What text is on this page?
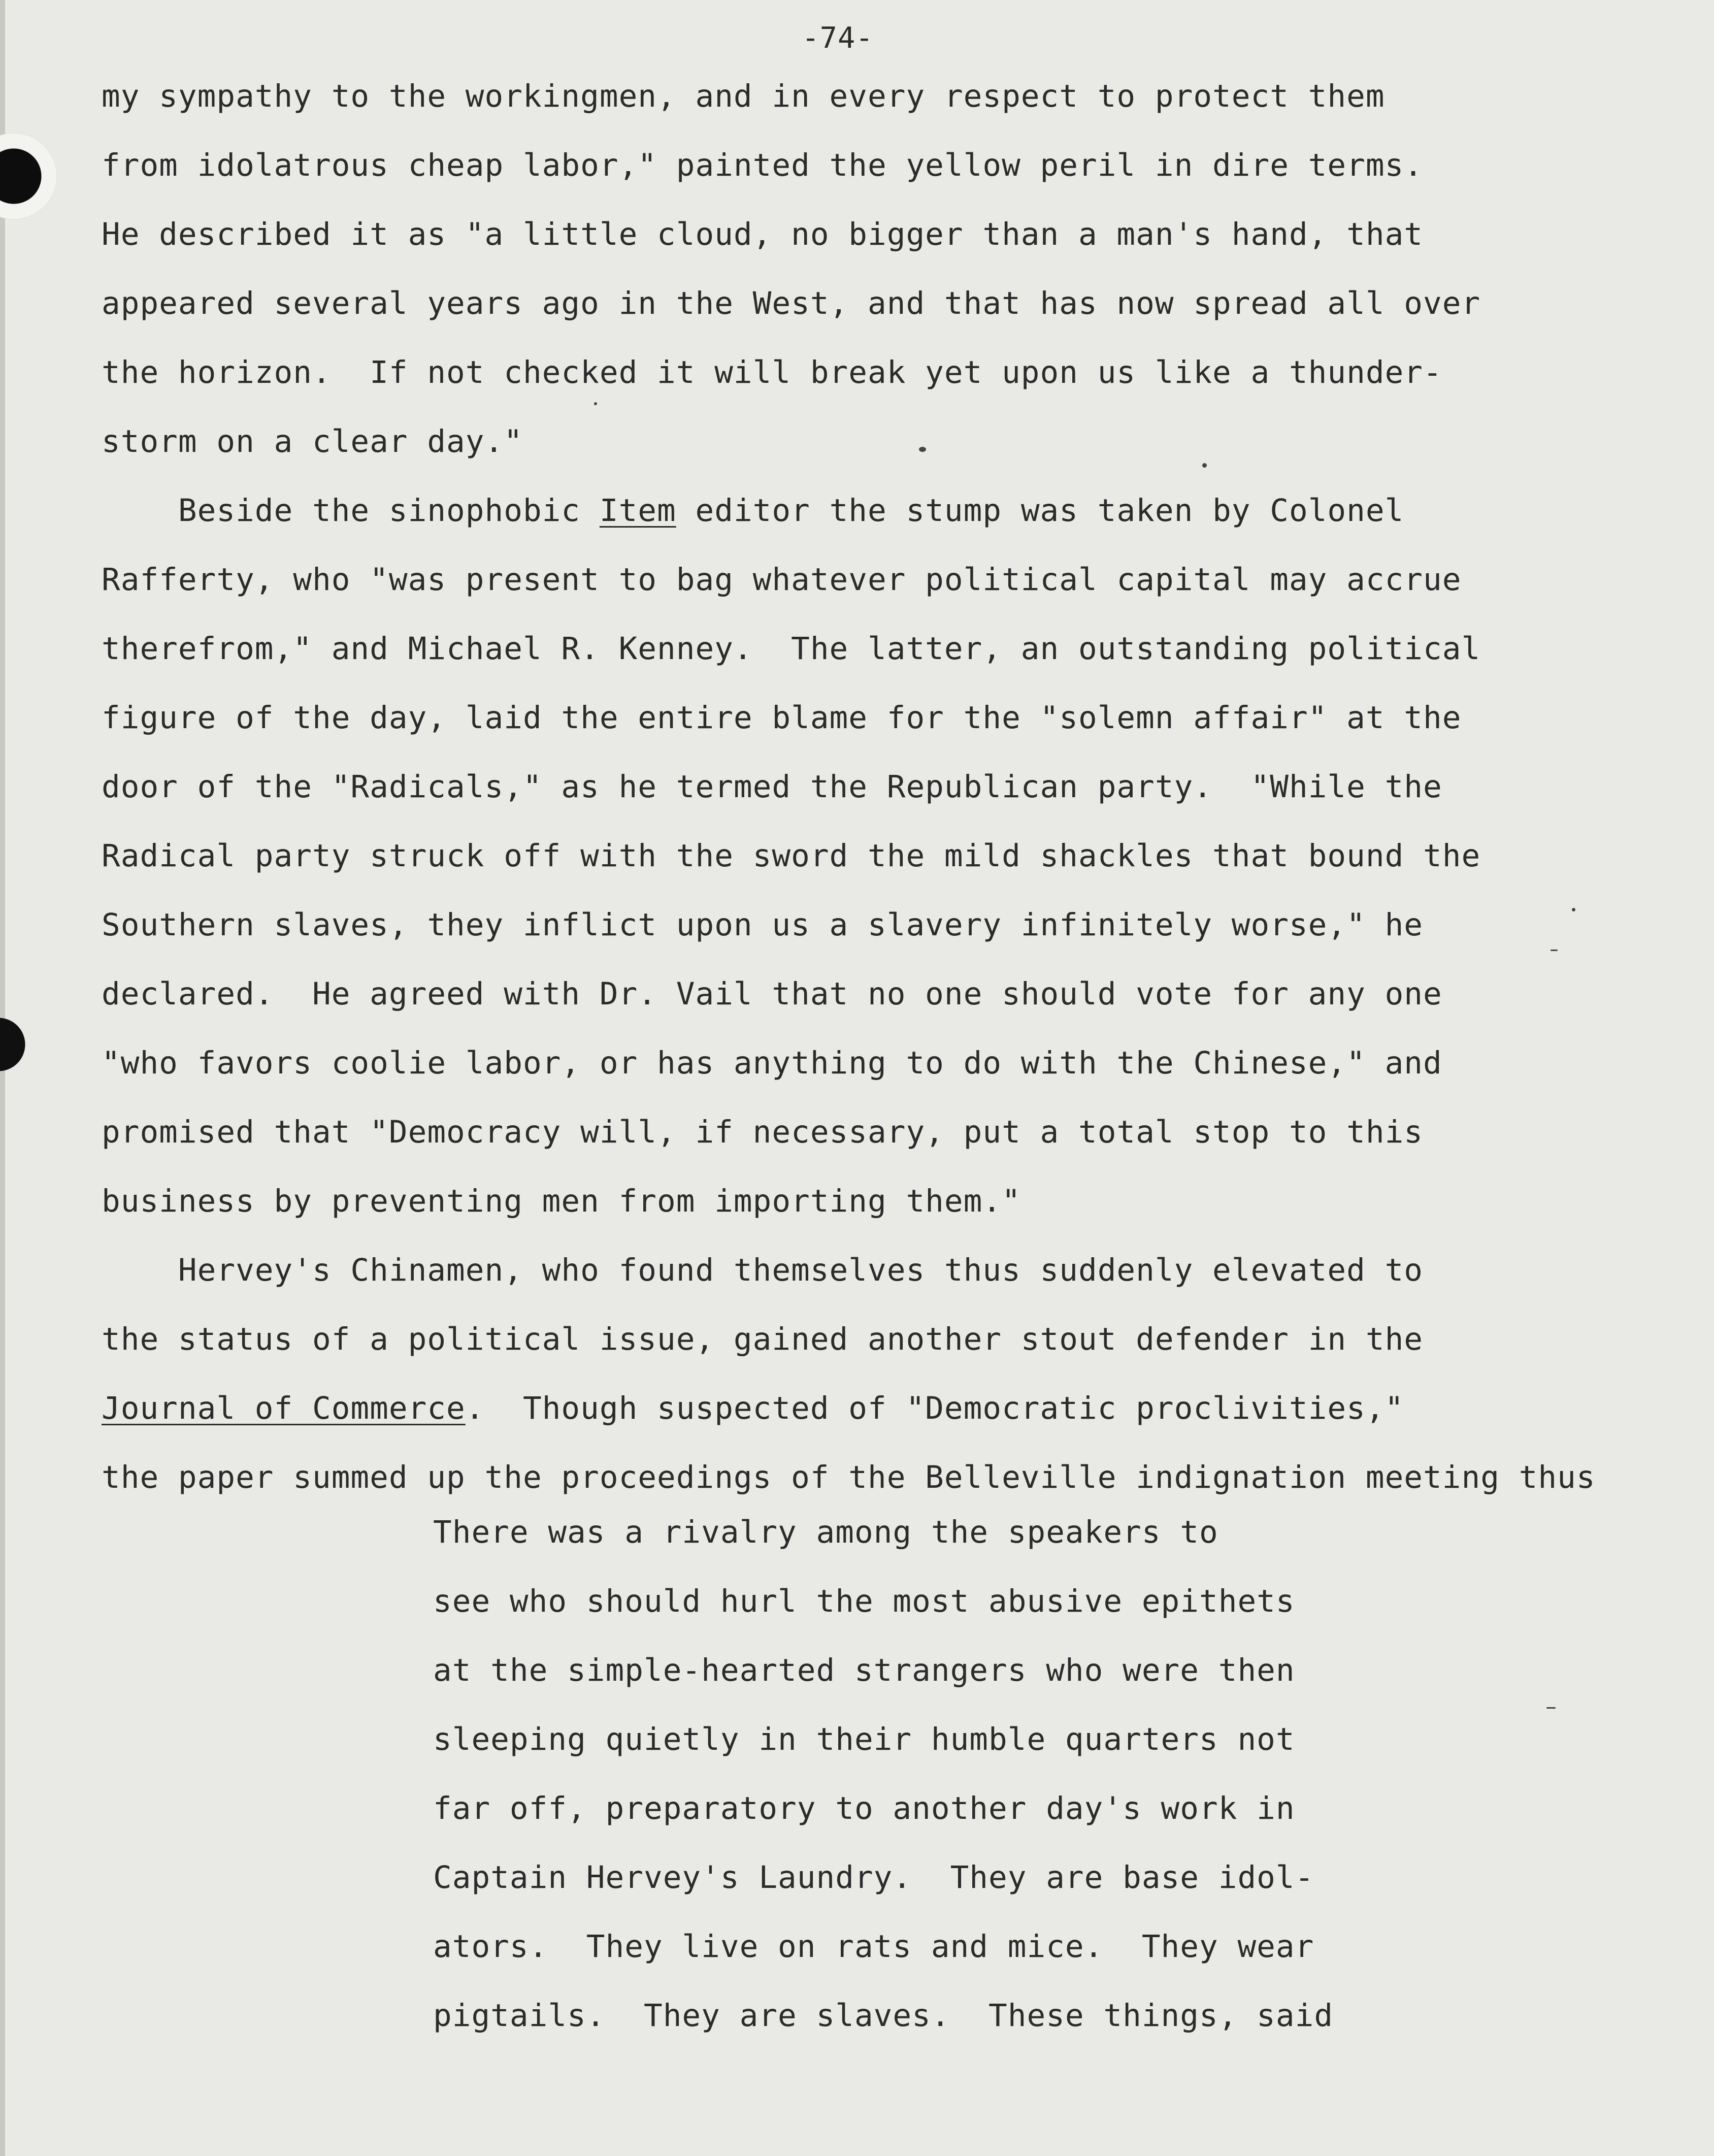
-74-
my sympathy to the workingmen, and in every respect to protect them
from idolatrous cheap labor," painted the yellow peril in dire terms.
He described it as "a little cloud, no bigger than a man's hand, that
appeared several years ago in the West, and that has now spread all over
the horizon.  If not checked it will break yet upon us like a thunder-
storm on a clear day."
Beside the sinophobic Item editor the stump was taken by Colonel
Rafferty, who "was present to bag whatever political capital may accrue
therefrom," and Michael R. Kenney.  The latter, an outstanding political
figure of the day, laid the entire blame for the "solemn affair" at the
door of the "Radicals," as he termed the Republican party.  "While the
Radical party struck off with the sword the mild shackles that bound the
Southern slaves, they inflict upon us a slavery infinitely worse," he
declared.  He agreed with Dr. Vail that no one should vote for any one
"who favors coolie labor, or has anything to do with the Chinese," and
promised that "Democracy will, if necessary, put a total stop to this
business by preventing men from importing them."
Hervey's Chinamen, who found themselves thus suddenly elevated to
the status of a political issue, gained another stout defender in the
Journal of Commerce.  Though suspected of "Democratic proclivities,"
the paper summed up the proceedings of the Belleville indignation meeting thus
There was a rivalry among the speakers to
see who should hurl the most abusive epithets
at the simple-hearted strangers who were then
sleeping quietly in their humble quarters not
far off, preparatory to another day's work in
Captain Hervey's Laundry.  They are base idol-
ators.  They live on rats and mice.  They wear
pigtails.  They are slaves.  These things, said
